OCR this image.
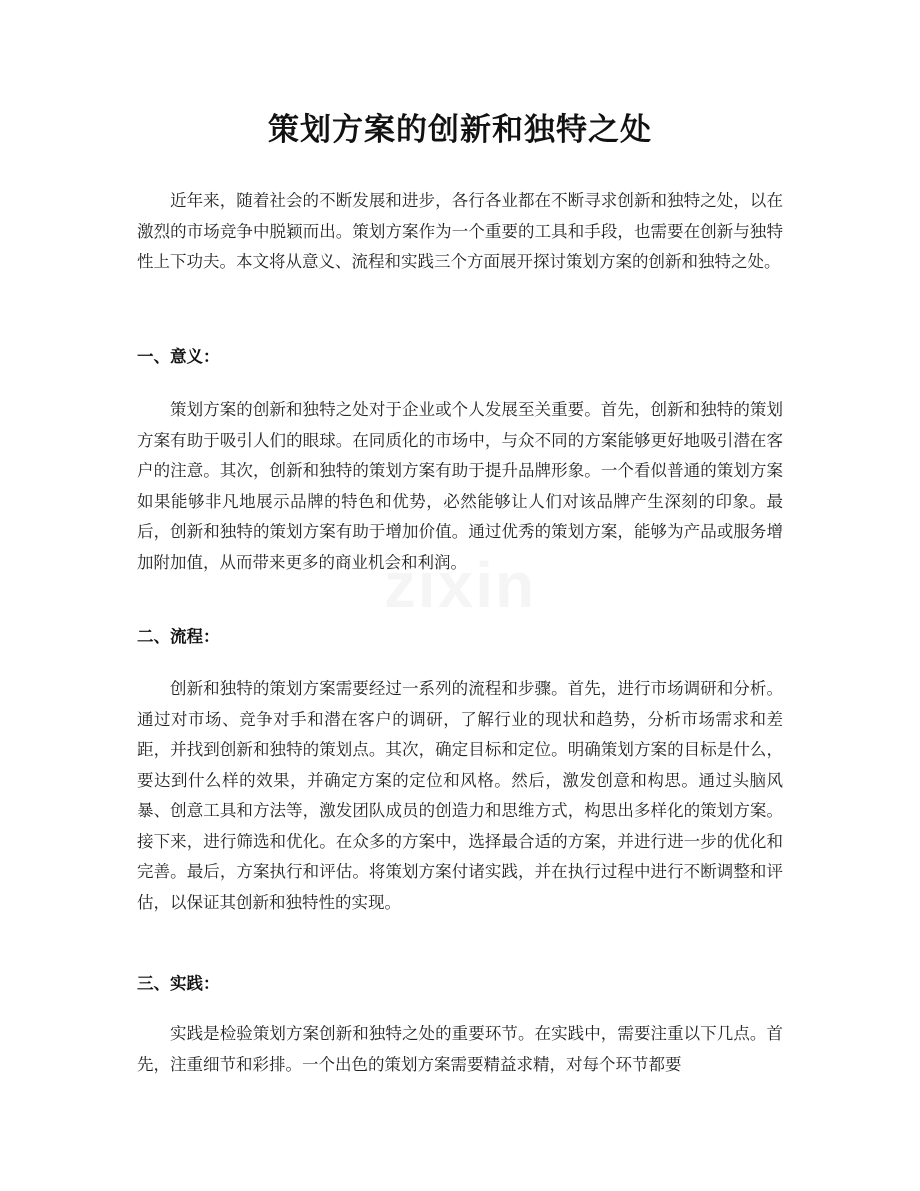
策划方案的创新和独特之处

近年来，随着社会的不断发展和进步，各行各业都在不断寻求创新和独特之处，以在激烈的市场竞争中脱颖而出。策划方案作为一个重要的工具和手段，也需要在创新与独特性上下功夫。本文将从意义、流程和实践三个方面展开探讨策划方案的创新和独特之处。

一、意义：

策划方案的创新和独特之处对于企业或个人发展至关重要。首先，创新和独特的策划方案有助于吸引人们的眼球。在同质化的市场中，与众不同的方案能够更好地吸引潜在客户的注意。其次，创新和独特的策划方案有助于提升品牌形象。一个看似普通的策划方案如果能够非凡地展示品牌的特色和优势，必然能够让人们对该品牌产生深刻的印象。最后，创新和独特的策划方案有助于增加价值。通过优秀的策划方案，能够为产品或服务增加附加值，从而带来更多的商业机会和利润。

二、流程：

创新和独特的策划方案需要经过一系列的流程和步骤。首先，进行市场调研和分析。通过对市场、竞争对手和潜在客户的调研，了解行业的现状和趋势，分析市场需求和差距，并找到创新和独特的策划点。其次，确定目标和定位。明确策划方案的目标是什么，要达到什么样的效果，并确定方案的定位和风格。然后，激发创意和构思。通过头脑风暴、创意工具和方法等，激发团队成员的创造力和思维方式，构思出多样化的策划方案。接下来，进行筛选和优化。在众多的方案中，选择最合适的方案，并进行进一步的优化和完善。最后，方案执行和评估。将策划方案付诸实践，并在执行过程中进行不断调整和评估，以保证其创新和独特性的实现。

三、实践：

实践是检验策划方案创新和独特之处的重要环节。在实践中，需要注重以下几点。首先，注重细节和彩排。一个出色的策划方案需要精益求精，对每个环节都要
